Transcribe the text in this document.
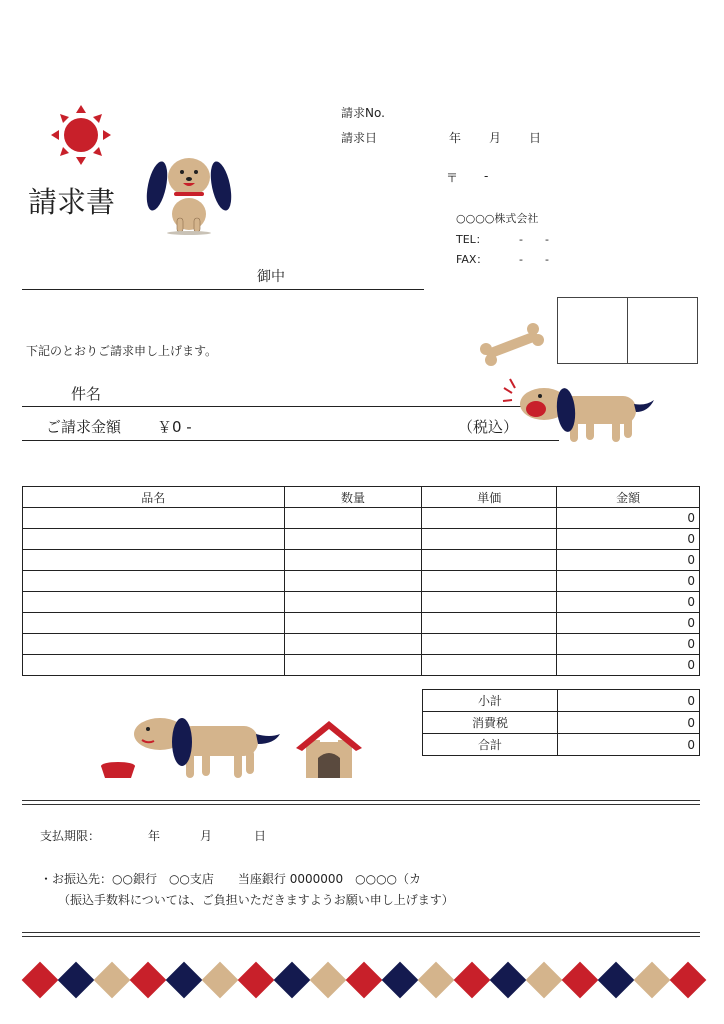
請求書
請求No.
請求日	年 月 日
〒 -
○○○○株式会社
TEL：	-　　-
FAX：	-　　-
御中
下記のとおりご請求申し上げます。
件名
ご請求金額 ￥0 -	（税込）
品名	数量	単価	金額
			0
			0
			0
			0
			0
			0
			0
			0
小計	0
消費税	0
合計	0
支払期限：	年	月	日
・お振込先：○○銀行　○○支店　　当座銀行 0000000　○○○○（カ
（振込手数料については、ご負担いただきますようお願い申し上げます）
